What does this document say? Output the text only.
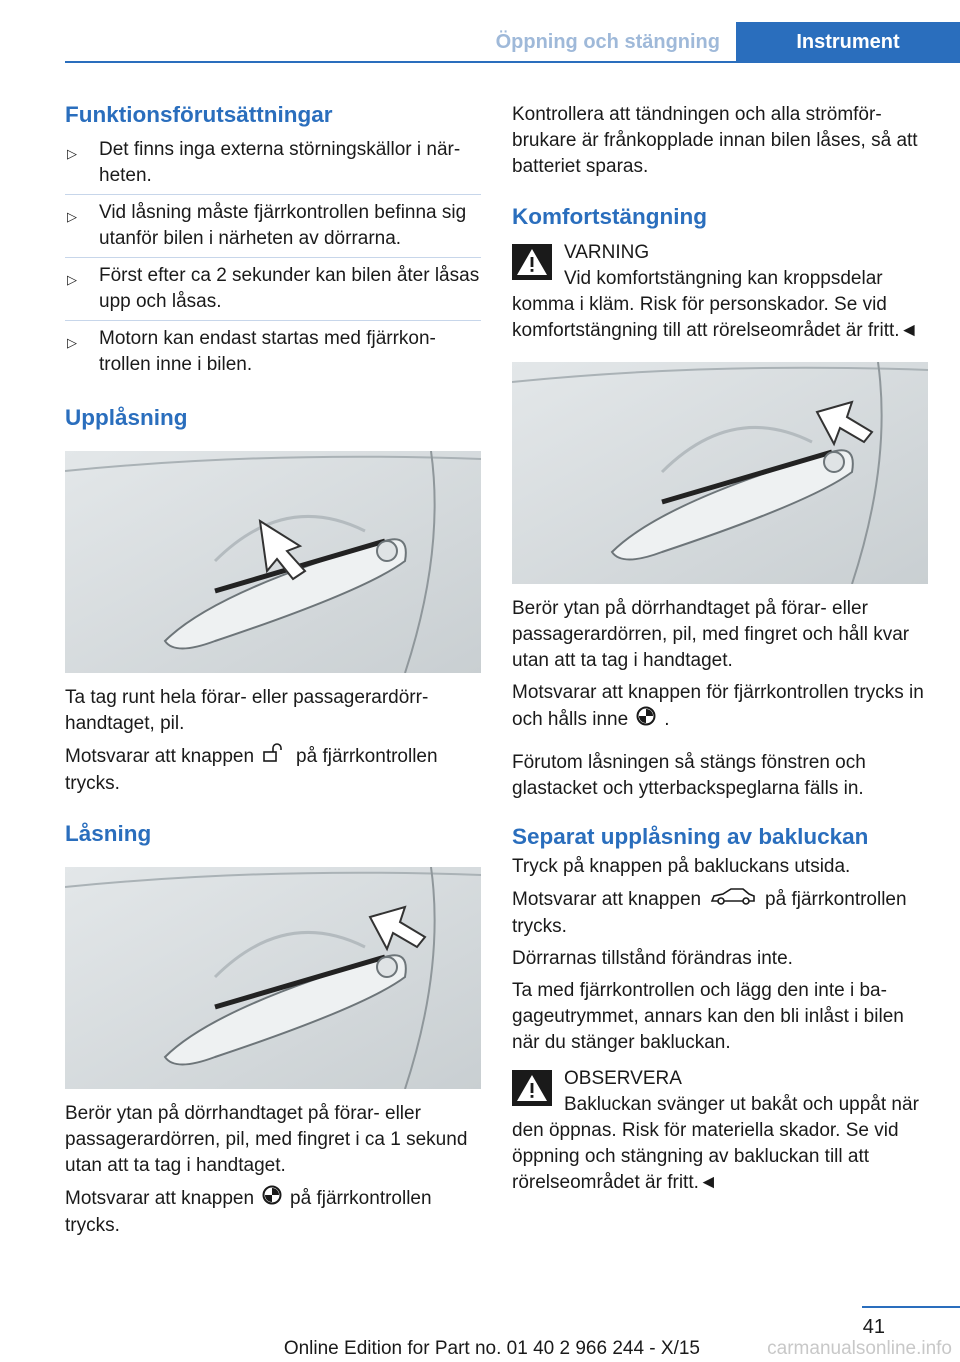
Öppning och stängning	Instrument
Funktionsförutsättningar
▷ Det finns inga externa störningskällor i närheten.
▷ Vid låsning måste fjärrkontrollen befinna sig utanför bilen i närheten av dörrarna.
▷ Först efter ca 2 sekunder kan bilen åter låsas upp och låsas.
▷ Motorn kan endast startas med fjärrkontrollen inne i bilen.
Upplåsning

Ta tag runt hela förar- eller passagerardörrhandtaget, pil.

Motsvarar att knappen på fjärrkontrollen trycks.

Låsning

Berör ytan på dörrhandtaget på förar- eller passagerardörren, pil, med fingret i ca 1 sekund utan att ta tag i handtaget.

Motsvarar att knappen på fjärrkontrollen trycks.

Kontrollera att tändningen och alla strömförbrukare är frånkopplade innan bilen låses, så att batteriet sparas.

Komfortstängning
VARNING

Vid komfortstängning kan kroppsdelar komma i kläm. Risk för personskador. Se vid komfortstängning till att rörelseområdet är fritt.◄

Berör ytan på dörrhandtaget på förar- eller passagerardörren, pil, med fingret och håll kvar utan att ta tag i handtaget.

Motsvarar att knappen för fjärrkontrollen trycks in och hålls inne .

Förutom låsningen så stängs fönstren och glastacket och ytterbackspeglarna fälls in.

Separat upplåsning av bakluckan

Tryck på knappen på bakluckans utsida.

Motsvarar att knappen	på fjärrkontrollen trycks.

Dörrarnas tillstånd förändras inte.

Ta med fjärrkontrollen och lägg den inte i bagageutrymmet, annars kan den bli inlåst i bilen när du stänger bakluckan.

OBSERVERA

Bakluckan svänger ut bakåt och uppåt när den öppnas. Risk för materiella skador. Se vid öppning och stängning av bakluckan till att rörelseområdet är fritt.◄

41
Online Edition for Part no. 01 40 2 966 244 - X/15	carmanualsonline.info
